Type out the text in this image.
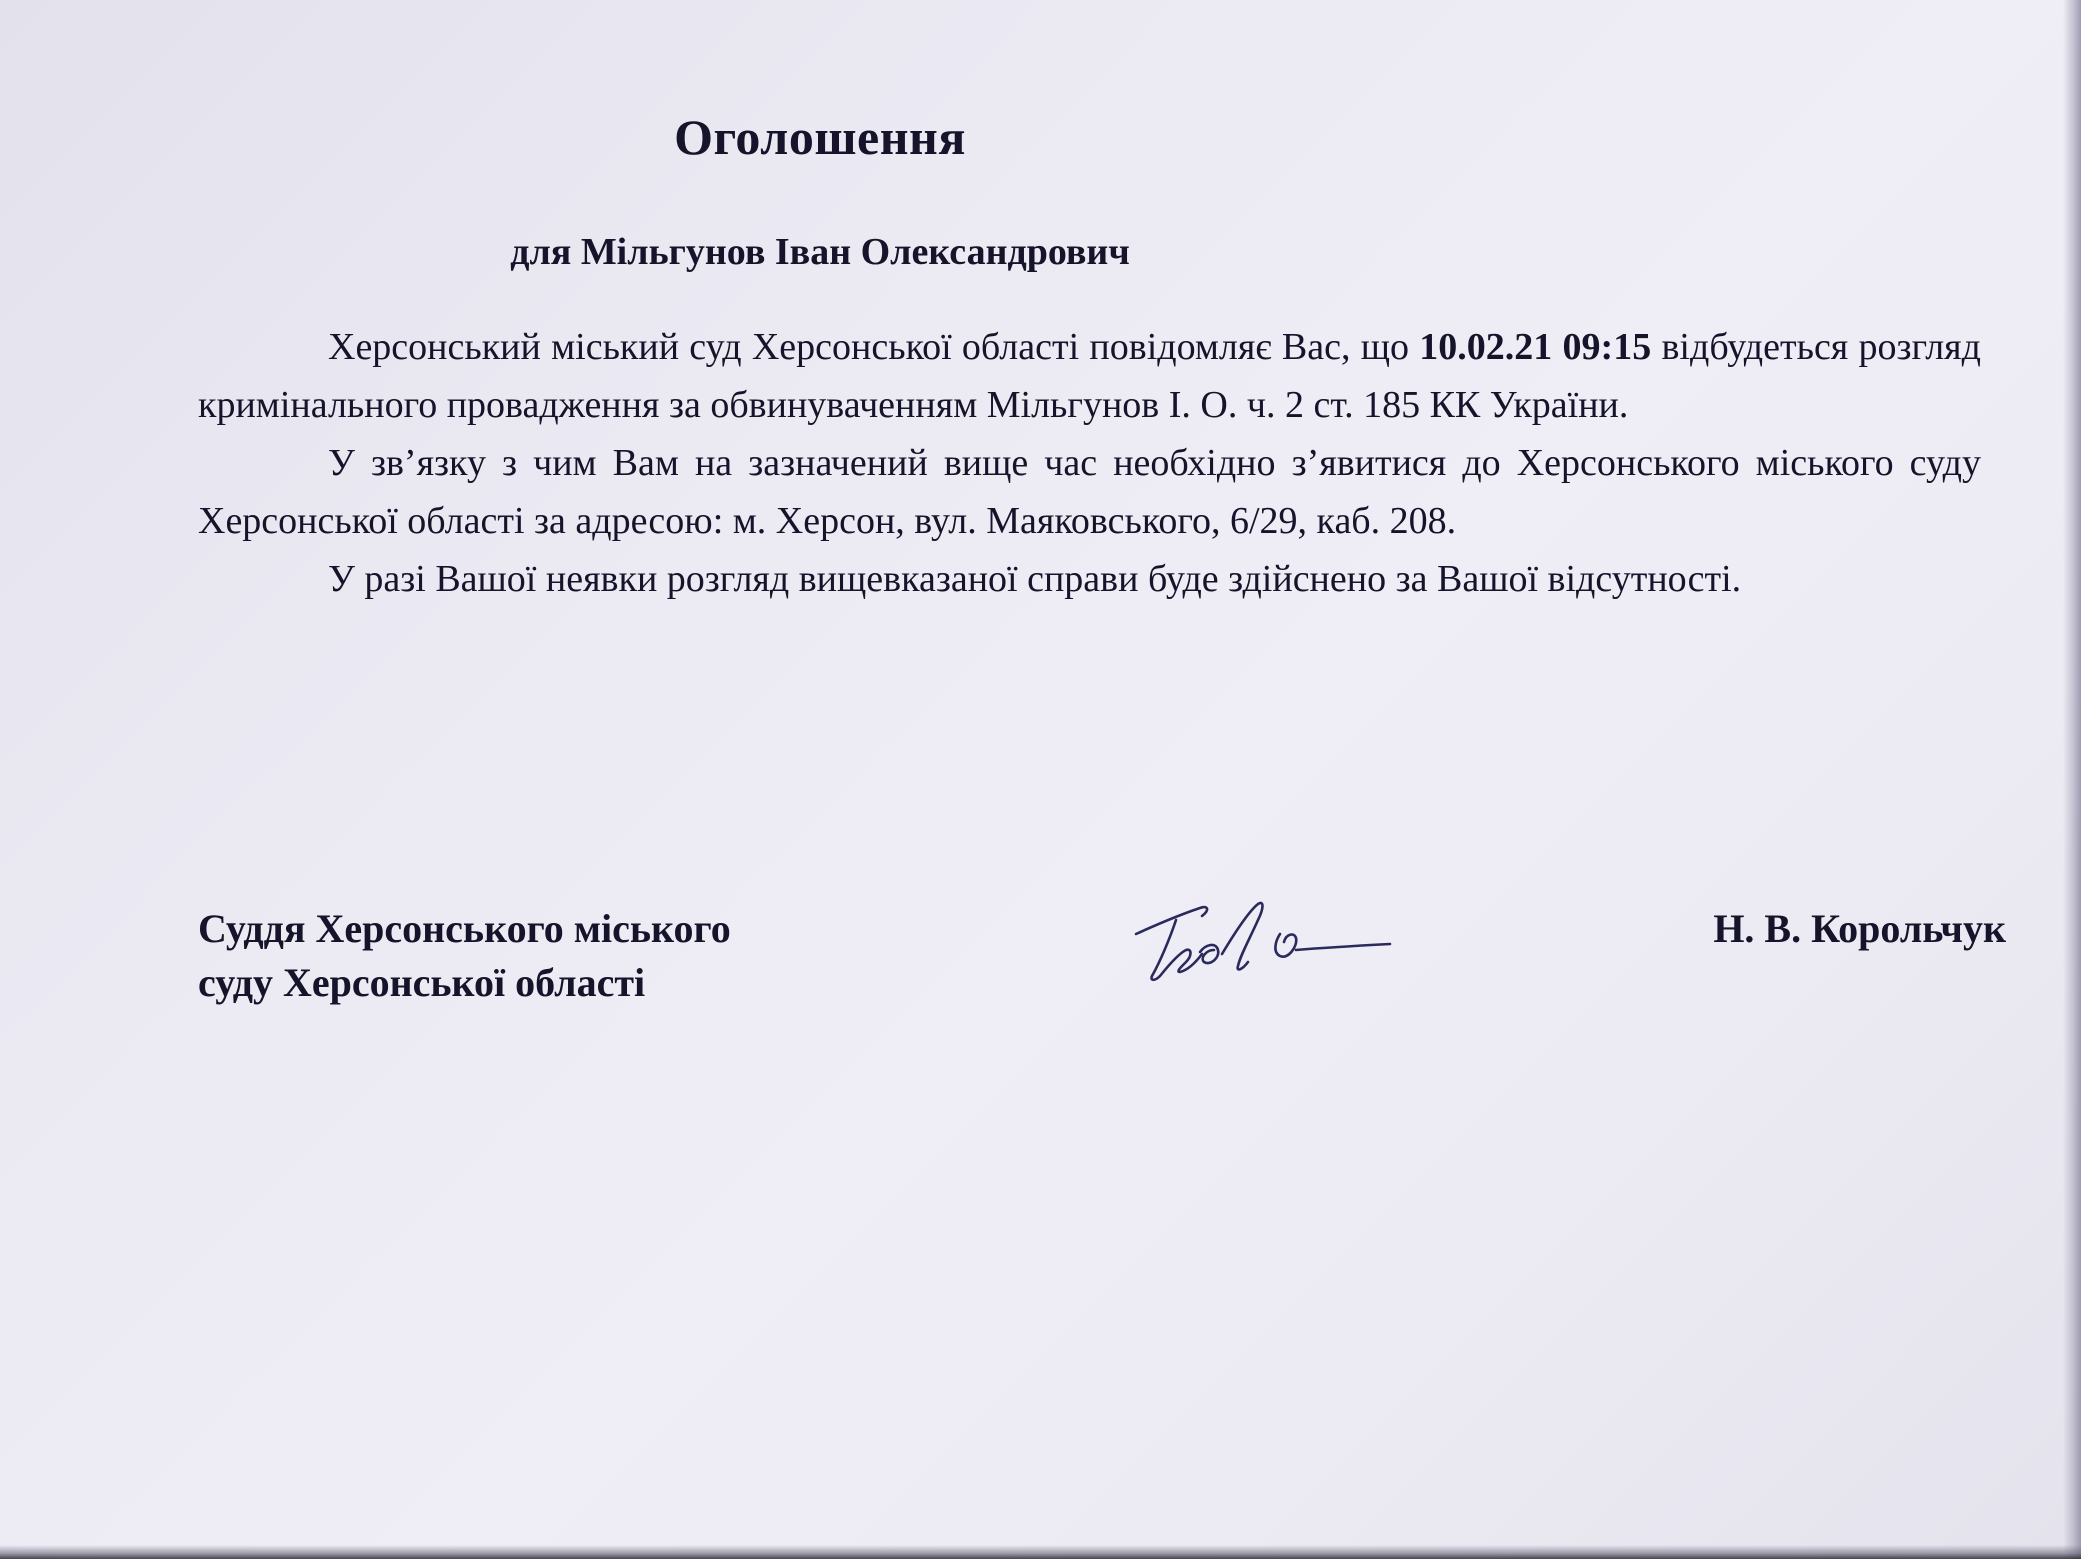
Оголошення
для Мільгунов Іван Олександрович

Херсонський міський суд Херсонської області повідомляє Вас, що 10.02.21 09:15 відбудеться розгляд кримінального провадження за обвинуваченням Мільгунов І. О. ч. 2 ст. 185 КК України.

У зв’язку з чим Вам на зазначений вище час необхідно з’явитися до Херсонського міського суду Херсонської області за адресою: м. Херсон, вул. Маяковського, 6/29, каб. 208.

У разі Вашої неявки розгляд вищевказаної справи буде здійснено за Вашої відсутності.

Суддя Херсонського міського
суду Херсонської області
Н. В. Корольчук
